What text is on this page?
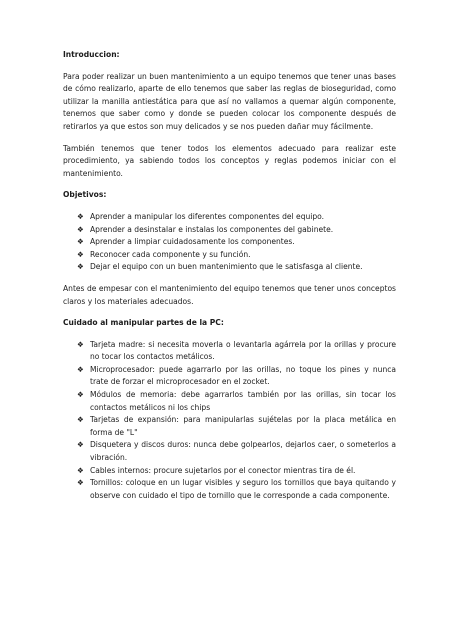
Introduccion:

Para poder realizar un buen mantenimiento a un equipo tenemos que tener unas bases de cómo realizarlo, aparte de ello tenemos que saber las reglas de bioseguridad, como utilizar la manilla antiestática para que así no vallamos a quemar algún componente, tenemos que saber como y donde se pueden colocar los componente después de retirarlos ya que estos son muy delicados y se nos pueden dañar muy fácilmente.

También tenemos que tener todos los elementos adecuado para realizar este procedimiento, ya sabiendo todos los conceptos y reglas podemos iniciar con el mantenimiento.

Objetivos:

❖ Aprender a manipular los diferentes componentes del equipo.
❖ Aprender a desinstalar e instalas los componentes del gabinete.
❖ Aprender a limpiar cuidadosamente los componentes.
❖ Reconocer cada componente y su función.
❖ Dejar el equipo con un buen mantenimiento que le satisfasga al cliente.

Antes de empesar con el mantenimiento del equipo tenemos que tener unos conceptos claros y los materiales adecuados.

Cuidado al manipular partes de la PC:

❖ Tarjeta madre: si necesita moverla o levantarla agárrela por la orillas y procure no tocar los contactos metálicos.
❖ Microprocesador: puede agarrarlo por las orillas, no toque los pines y nunca trate de forzar el microprocesador en el zocket.
❖ Módulos de memoria: debe agarrarlos también por las orillas, sin tocar los contactos metálicos ni los chips
❖ Tarjetas de expansión: para manipularlas sujételas por la placa metálica en forma de "L"
❖ Disquetera y discos duros: nunca debe golpearlos, dejarlos caer, o someterlos a vibración.
❖ Cables internos: procure sujetarlos por el conector mientras tira de él.
❖ Tornillos: coloque en un lugar visibles y seguro los tornillos que baya quitando y observe con cuidado el tipo de tornillo que le corresponde a cada componente.
